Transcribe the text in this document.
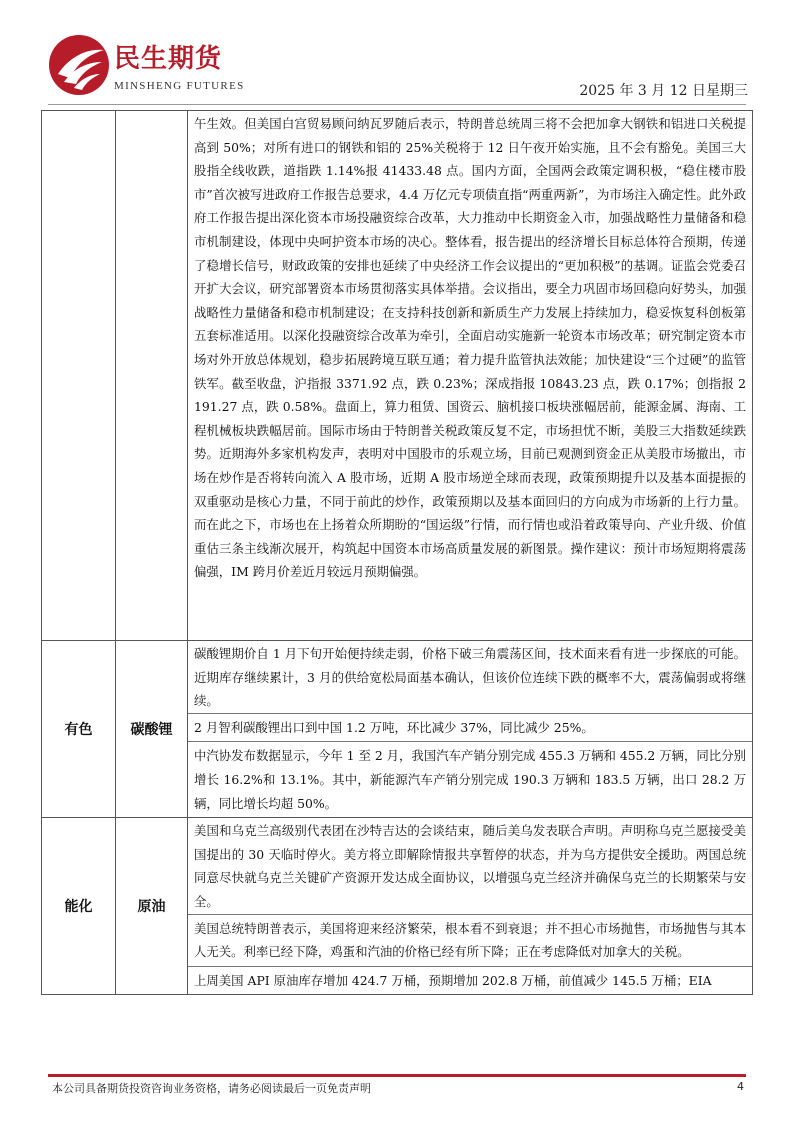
民生期货
MINSHENG FUTURES	2025 年 3 月 12 日星期三

		午生效。但美国白宫贸易顾问纳瓦罗随后表示，特朗普总统周三将不会把加拿大钢铁和铝进口关税提高到 50%；对所有进口的钢铁和铝的 25%关税将于 12 日午夜开始实施，且不会有豁免。美国三大股指全线收跌，道指跌 1.14%报 41433.48 点。国内方面，全国两会政策定调积极，“稳住楼市股市”首次被写进政府工作报告总要求，4.4 万亿元专项债直指“两重两新”，为市场注入确定性。此外政府工作报告提出深化资本市场投融资综合改革，大力推动中长期资金入市，加强战略性力量储备和稳市机制建设，体现中央呵护资本市场的决心。整体看，报告提出的经济增长目标总体符合预期，传递了稳增长信号，财政政策的安排也延续了中央经济工作会议提出的“更加积极”的基调。证监会党委召开扩大会议，研究部署资本市场贯彻落实具体举措。会议指出，要全力巩固市场回稳向好势头，加强战略性力量储备和稳市机制建设；在支持科技创新和新质生产力发展上持续加力，稳妥恢复科创板第五套标准适用。以深化投融资综合改革为牵引，全面启动实施新一轮资本市场改革；研究制定资本市场对外开放总体规划，稳步拓展跨境互联互通；着力提升监管执法效能；加快建设“三个过硬”的监管铁军。截至收盘，沪指报 3371.92 点，跌 0.23%；深成指报 10843.23 点，跌 0.17%；创指报 2191.27 点，跌 0.58%。盘面上，算力租赁、国资云、脑机接口板块涨幅居前，能源金属、海南、工程机械板块跌幅居前。国际市场由于特朗普关税政策反复不定，市场担忧不断，美股三大指数延续跌势。近期海外多家机构发声，表明对中国股市的乐观立场，目前已观测到资金正从美股市场撤出，市场在炒作是否将转向流入 A 股市场，近期 A 股市场逆全球而表现，政策预期提升以及基本面提振的双重驱动是核心力量，不同于前此的炒作，政策预期以及基本面回归的方向成为市场新的上行力量。而在此之下，市场也在上扬着众所期盼的“国运级”行情，而行情也或沿着政策导向、产业升级、价值重估三条主线渐次展开，构筑起中国资本市场高质量发展的新图景。操作建议：预计市场短期将震荡偏强，IM 跨月价差近月较远月预期偏强。

有色	碳酸锂	碳酸锂期价自 1 月下旬开始便持续走弱，价格下破三角震荡区间，技术面来看有进一步探底的可能。近期库存继续累计，3 月的供给宽松局面基本确认，但该价位连续下跌的概率不大，震荡偏弱或将继续。
2 月智利碳酸锂出口到中国 1.2 万吨，环比减少 37%，同比减少 25%。
中汽协发布数据显示，今年 1 至 2 月，我国汽车产销分别完成 455.3 万辆和 455.2 万辆，同比分别增长 16.2%和 13.1%。其中，新能源汽车产销分别完成 190.3 万辆和 183.5 万辆，出口 28.2 万辆，同比增长均超 50%。

能化	原油	美国和乌克兰高级别代表团在沙特吉达的会谈结束，随后美乌发表联合声明。声明称乌克兰愿接受美国提出的 30 天临时停火。美方将立即解除情报共享暂停的状态，并为乌方提供安全援助。两国总统同意尽快就乌克兰关键矿产资源开发达成全面协议，以增强乌克兰经济并确保乌克兰的长期繁荣与安全。
美国总统特朗普表示，美国将迎来经济繁荣，根本看不到衰退；并不担心市场抛售，市场抛售与其本人无关。利率已经下降，鸡蛋和汽油的价格已经有所下降；正在考虑降低对加拿大的关税。
上周美国 API 原油库存增加 424.7 万桶，预期增加 202.8 万桶，前值减少 145.5 万桶；EIA
本公司具备期货投资咨询业务资格，请务必阅读最后一页免责声明	4
